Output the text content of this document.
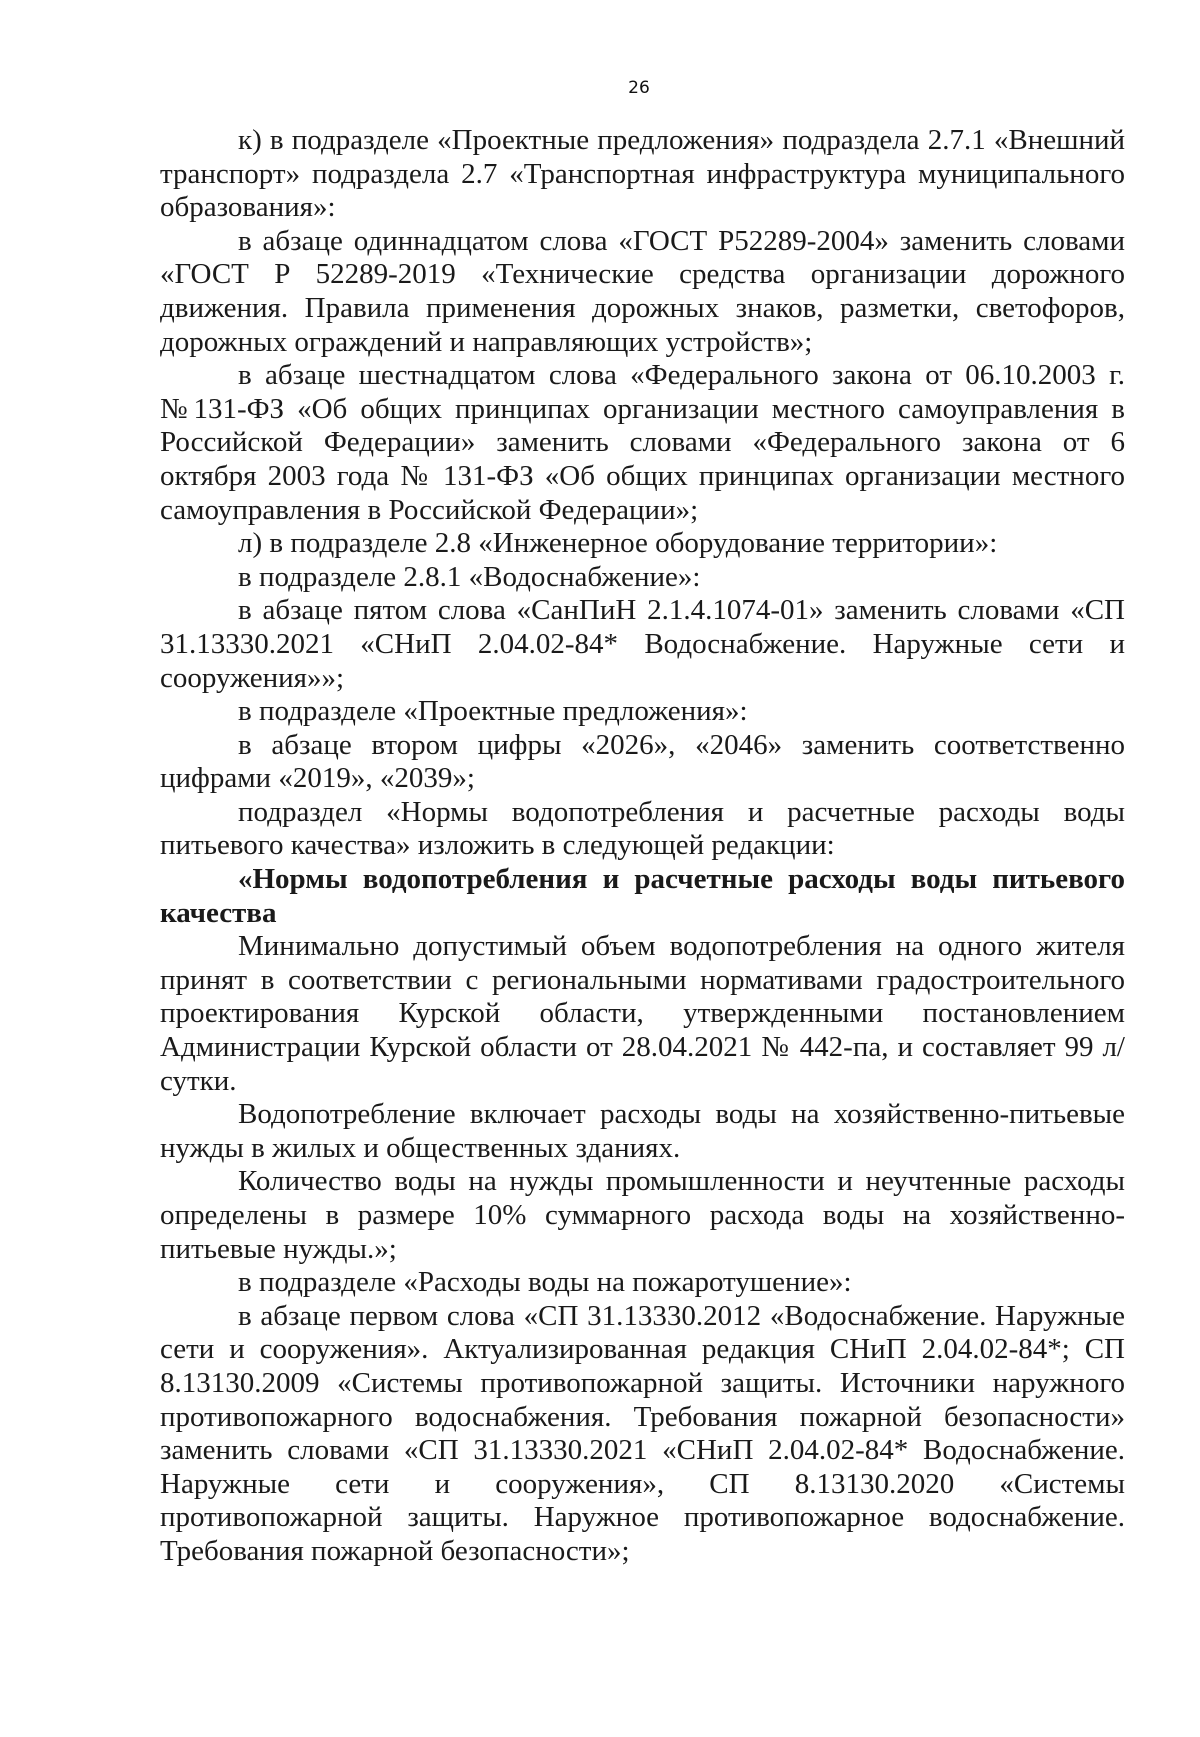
26

к) в подразделе «Проектные предложения» подраздела 2.7.1 «Внешний транспорт» подраздела 2.7 «Транспортная инфраструктура муниципального образования»:

в абзаце одиннадцатом слова «ГОСТ Р52289-2004» заменить словами «ГОСТ Р 52289-2019 «Технические средства организации дорожного движения. Правила применения дорожных знаков, разметки, светофоров, дорожных ограждений и направляющих устройств»;

в абзаце шестнадцатом слова «Федерального закона от 06.10.2003 г. №131-ФЗ «Об общих принципах организации местного самоуправления в Российской Федерации» заменить словами «Федерального закона от 6 октября 2003 года № 131-ФЗ «Об общих принципах организации местного самоуправления в Российской Федерации»;

л) в подразделе 2.8 «Инженерное оборудование территории»:

в подразделе 2.8.1 «Водоснабжение»:

в абзаце пятом слова «СанПиН 2.1.4.1074-01» заменить словами «СП 31.13330.2021 «СНиП 2.04.02-84* Водоснабжение. Наружные сети и сооружения»»;

в подразделе «Проектные предложения»:

в абзаце втором цифры «2026», «2046» заменить соответственно цифрами «2019», «2039»;

подраздел «Нормы водопотребления и расчетные расходы воды питьевого качества» изложить в следующей редакции:

«Нормы водопотребления и расчетные расходы воды питьевого качества

Минимально допустимый объем водопотребления на одного жителя принят в соответствии с региональными нормативами градостроительного проектирования Курской области, утвержденными постановлением Администрации Курской области от 28.04.2021 № 442-па, и составляет 99 л/сутки.

Водопотребление включает расходы воды на хозяйственно-питьевые нужды в жилых и общественных зданиях.

Количество воды на нужды промышленности и неучтенные расходы определены в размере 10% суммарного расхода воды на хозяйственно-питьевые нужды.»;

в подразделе «Расходы воды на пожаротушение»:

в абзаце первом слова «СП 31.13330.2012 «Водоснабжение. Наружные сети и сооружения». Актуализированная редакция СНиП 2.04.02-84*; СП 8.13130.2009 «Системы противопожарной защиты. Источники наружного противопожарного водоснабжения. Требования пожарной безопасности» заменить словами «СП 31.13330.2021 «СНиП 2.04.02-84* Водоснабжение. Наружные сети и сооружения», СП 8.13130.2020 «Системы противопожарной защиты. Наружное противопожарное водоснабжение. Требования пожарной безопасности»;
